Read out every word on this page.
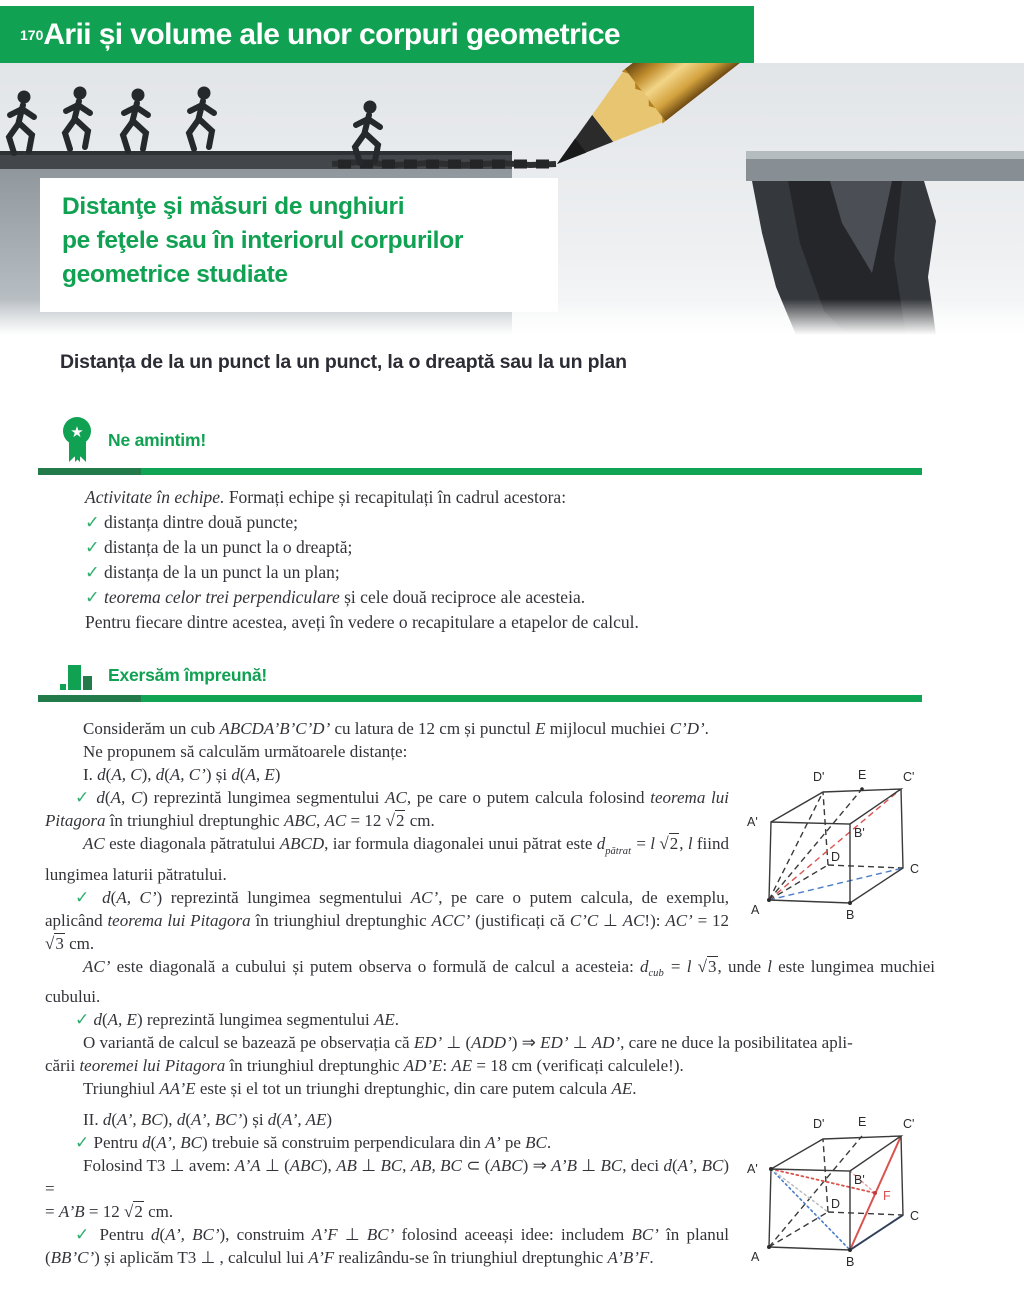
170 Arii și volume ale unor corpuri geometrice
Distanţe şi măsuri de unghiuri
pe feţele sau în interiorul corpurilor
geometrice studiate
Distanța de la un punct la un punct, la o dreaptă sau la un plan
★ Ne amintim!
Activitate în echipe. Formați echipe și recapitulați în cadrul acestora:
✓ distanța dintre două puncte;
✓ distanța de la un punct la o dreaptă;
✓ distanța de la un punct la un plan;
✓ teorema celor trei perpendiculare și cele două reciproce ale acesteia.
Pentru fiecare dintre acestea, aveți în vedere o recapitulare a etapelor de calcul.
Exersăm împreună!

Considerăm un cub ABCDA’B’C’D’ cu latura de 12 cm și punctul E mijlocul muchiei C’D’.

Ne propunem să calculăm următoarele distanțe:

A	B
C
D
A'
B'
C'
D'	E

I. d(A, C), d(A, C’) și d(A, E)

✓ d(A, C) reprezintă lungimea segmentului AC, pe care o putem calcula folosind teorema lui Pitagora în triunghiul dreptunghic ABC, AC = 12 √2 cm.

AC este diagonala pătratului ABCD, iar formula diagonalei unui pătrat este $d_{pătrat} = l$ √2, l fiind lungimea laturii pătratului.

✓ d(A, C’) reprezintă lungimea segmentului AC’, pe care o putem calcula, de exemplu, aplicând teorema lui Pitagora în triunghiul dreptunghic ACC’ (justificați că C’C ⊥ AC!): AC’ = 12 √3 cm.

AC’ este diagonală a cubului și putem observa o formulă de calcul a acesteia: $d_{cub} = l$ √3, unde l este lungimea muchiei cubului.

✓ d(A, E) reprezintă lungimea segmentului AE.

O variantă de calcul se bazează pe observația că ED’ ⊥ (ADD’) ⇒ ED’ ⊥ AD’, care ne duce la posibilitatea apli-
cării teoremei lui Pitagora în triunghiul dreptunghic AD’E: AE = 18 cm (verificați calculele!).

Triunghiul AA’E este și el tot un triunghi dreptunghic, din care putem calcula AE.

A	B
C
D
A'
B'
C'
D'	E
F

II. d(A’, BC), d(A’, BC’) și d(A’, AE)

✓ Pentru d(A’, BC) trebuie să construim perpendiculara din A’ pe BC.

Folosind T3 ⊥ avem: A’A ⊥ (ABC), AB ⊥ BC, AB, BC ⊂ (ABC) ⇒ A’B ⊥ BC, deci d(A’, BC) =
= A’B = 12 √2 cm.

✓ Pentru d(A’, BC’), construim A’F ⊥ BC’ folosind aceeași idee: includem BC’ în planul (BB’C’) și aplicăm T3 ⊥ , calculul lui A’F realizându-se în triunghiul dreptunghic A’B’F.
